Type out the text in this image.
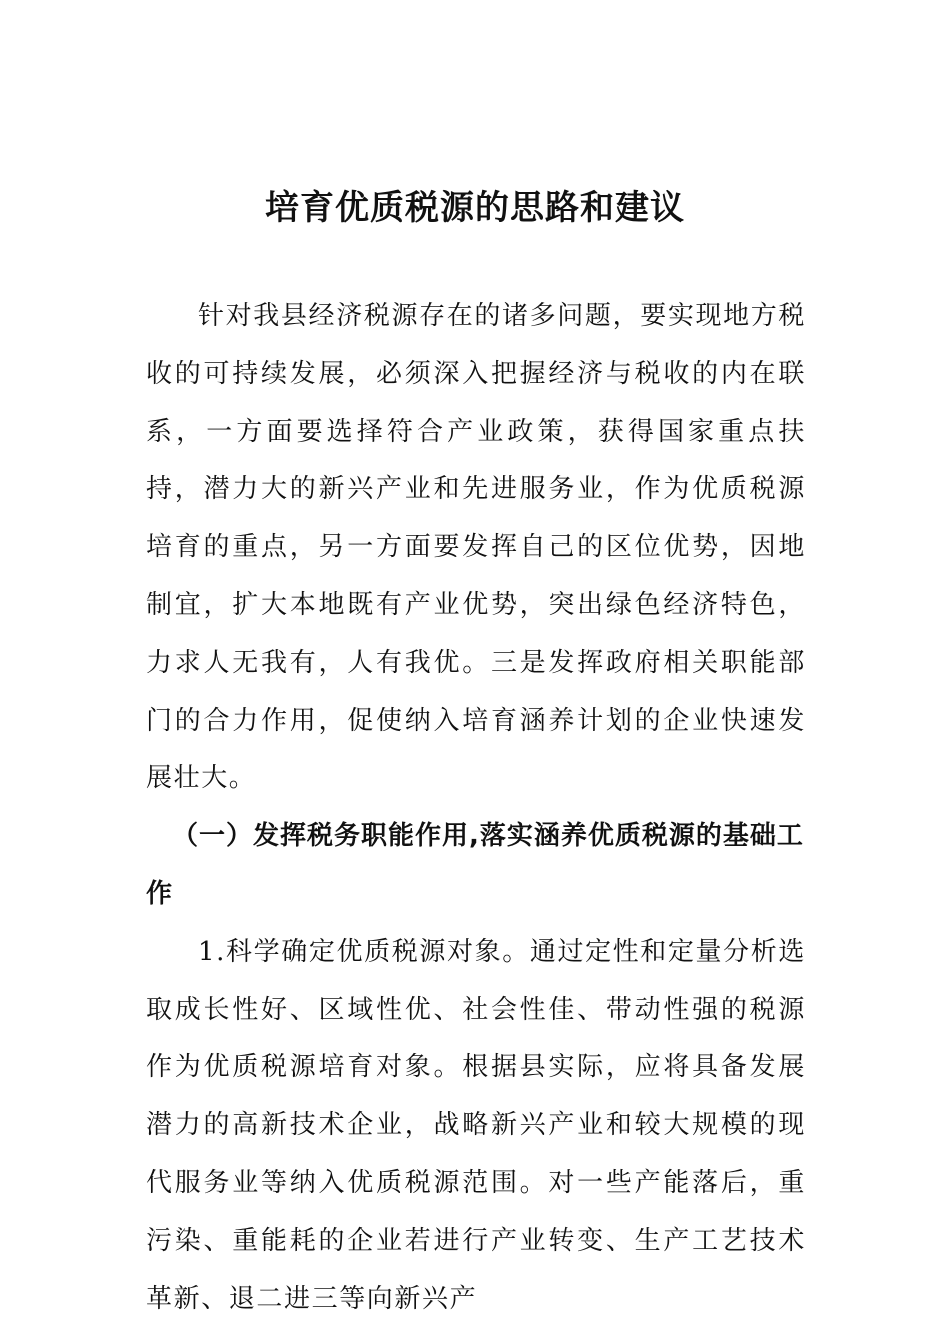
培育优质税源的思路和建议

针对我县经济税源存在的诸多问题，要实现地方税收的可持续发展，必须深入把握经济与税收的内在联系，一方面要选择符合产业政策，获得国家重点扶持，潜力大的新兴产业和先进服务业，作为优质税源培育的重点，另一方面要发挥自己的区位优势，因地制宜，扩大本地既有产业优势，突出绿色经济特色，力求人无我有，人有我优。三是发挥政府相关职能部门的合力作用，促使纳入培育涵养计划的企业快速发展壮大。

（一）发挥税务职能作用,落实涵养优质税源的基础工作

1.科学确定优质税源对象。通过定性和定量分析选取成长性好、区域性优、社会性佳、带动性强的税源作为优质税源培育对象。根据县实际，应将具备发展潜力的高新技术企业，战略新兴产业和较大规模的现代服务业等纳入优质税源范围。对一些产能落后，重污染、重能耗的企业若进行产业转变、生产工艺技术革新、退二进三等向新兴产
